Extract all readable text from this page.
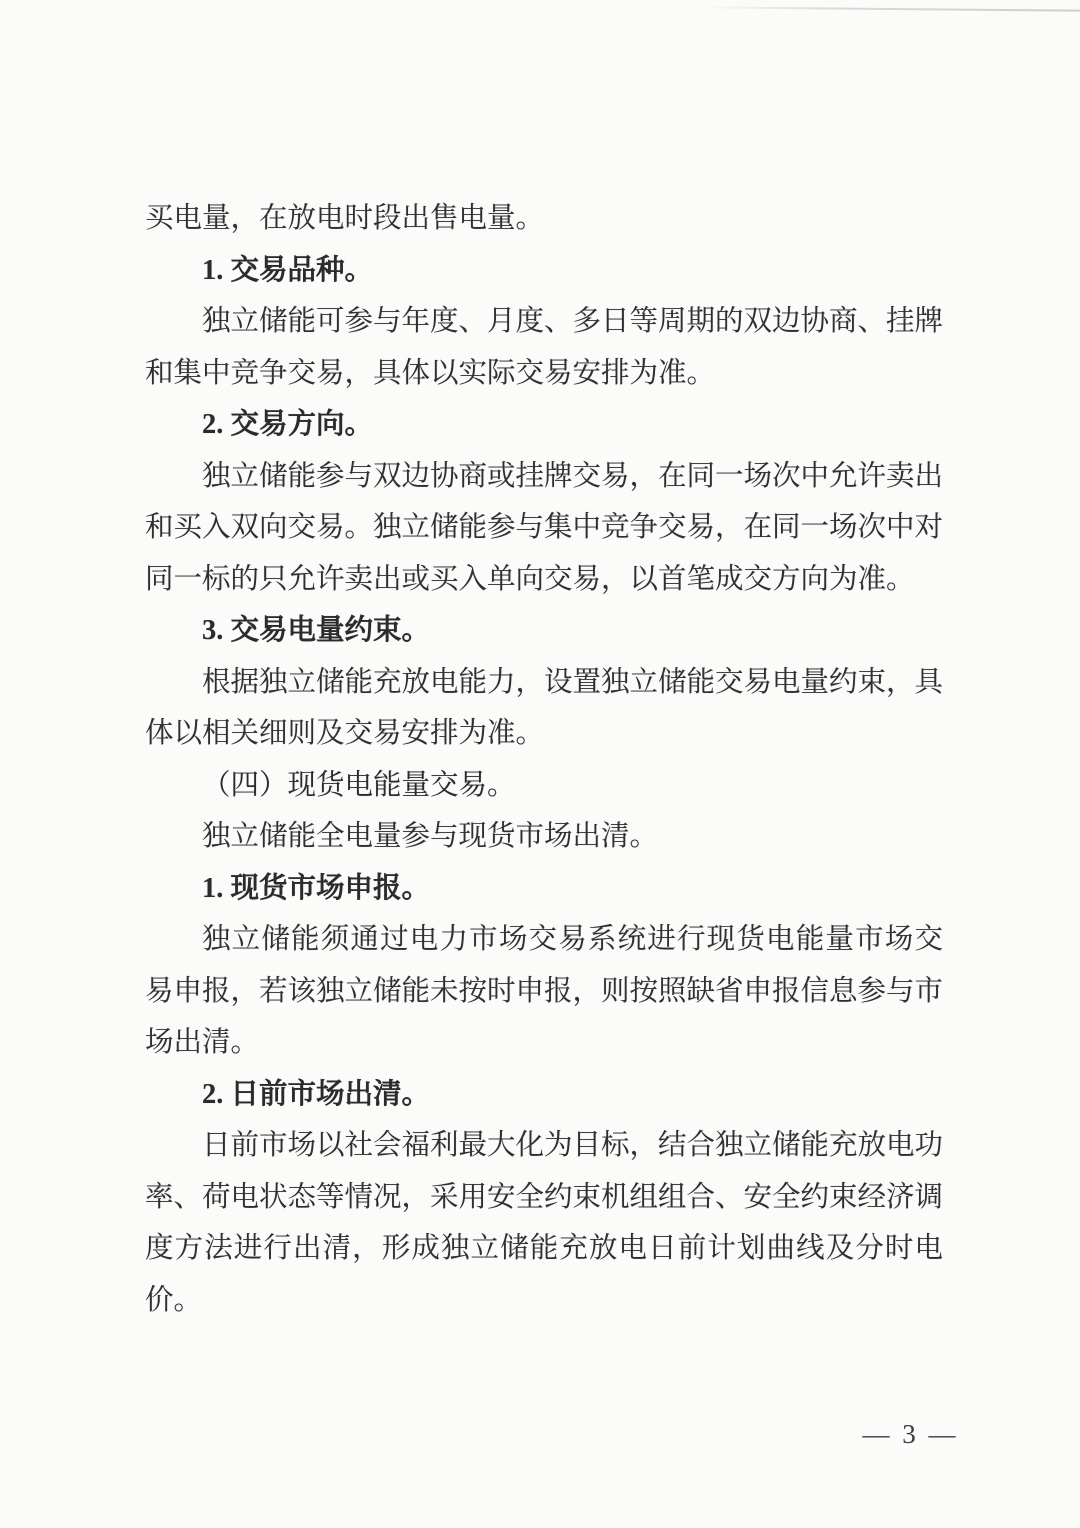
买电量，在放电时段出售电量。
1. 交易品种。
独立储能可参与年度、月度、多日等周期的双边协商、挂牌
和集中竞争交易，具体以实际交易安排为准。
2. 交易方向。
独立储能参与双边协商或挂牌交易，在同一场次中允许卖出
和买入双向交易。独立储能参与集中竞争交易，在同一场次中对
同一标的只允许卖出或买入单向交易，以首笔成交方向为准。
3. 交易电量约束。
根据独立储能充放电能力，设置独立储能交易电量约束，具
体以相关细则及交易安排为准。
（四）现货电能量交易。
独立储能全电量参与现货市场出清。
1. 现货市场申报。
独立储能须通过电力市场交易系统进行现货电能量市场交
易申报，若该独立储能未按时申报，则按照缺省申报信息参与市
场出清。
2. 日前市场出清。
日前市场以社会福利最大化为目标，结合独立储能充放电功
率、荷电状态等情况，采用安全约束机组组合、安全约束经济调
度方法进行出清，形成独立储能充放电日前计划曲线及分时电
价。
— 3 —
